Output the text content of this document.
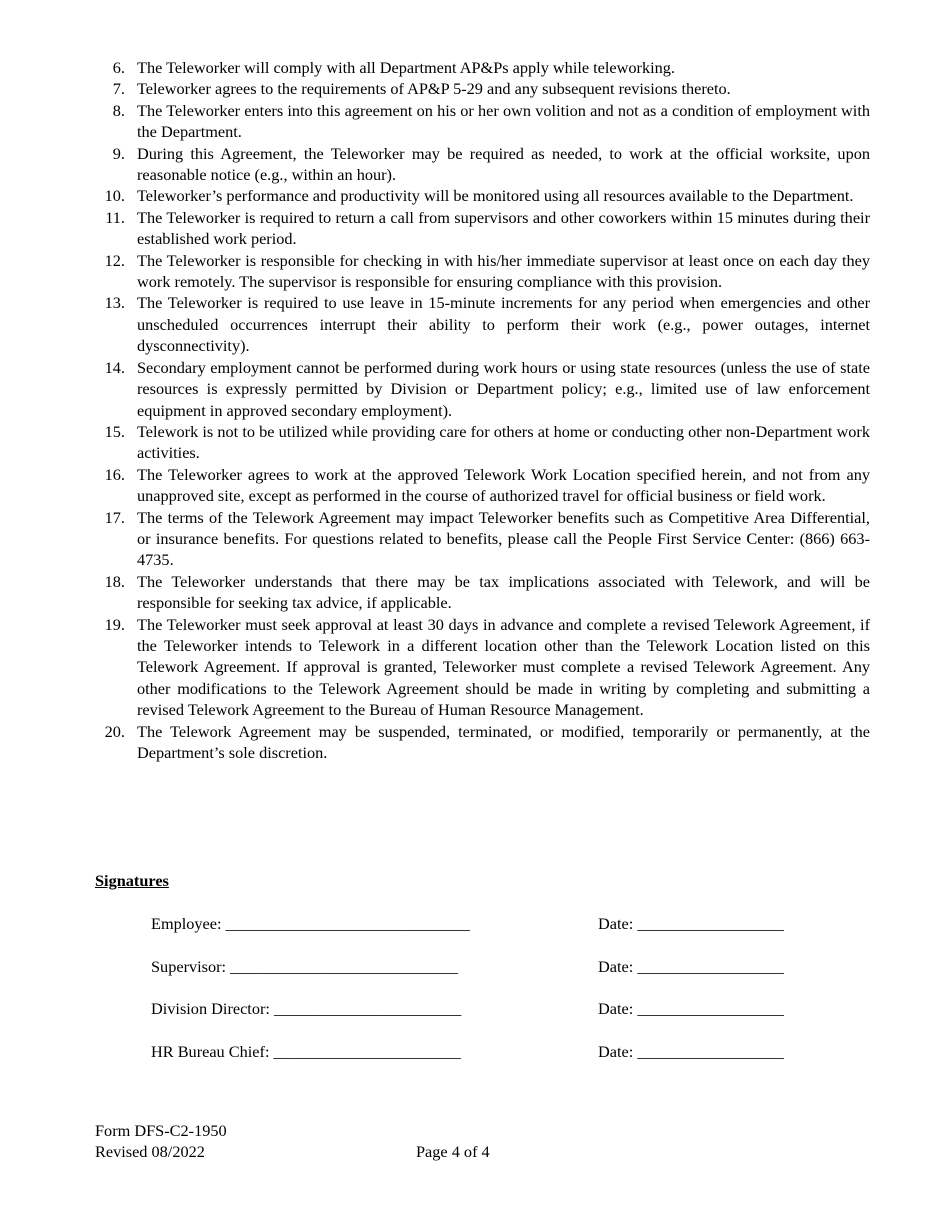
6. The Teleworker will comply with all Department AP&Ps apply while teleworking.
7. Teleworker agrees to the requirements of AP&P 5-29 and any subsequent revisions thereto.
8. The Teleworker enters into this agreement on his or her own volition and not as a condition of employment with the Department.
9. During this Agreement, the Teleworker may be required as needed, to work at the official worksite, upon reasonable notice (e.g., within an hour).
10. Teleworker’s performance and productivity will be monitored using all resources available to the Department.
11. The Teleworker is required to return a call from supervisors and other coworkers within 15 minutes during their established work period.
12. The Teleworker is responsible for checking in with his/her immediate supervisor at least once on each day they work remotely. The supervisor is responsible for ensuring compliance with this provision.
13. The Teleworker is required to use leave in 15-minute increments for any period when emergencies and other unscheduled occurrences interrupt their ability to perform their work (e.g., power outages, internet dysconnectivity).
14. Secondary employment cannot be performed during work hours or using state resources (unless the use of state resources is expressly permitted by Division or Department policy; e.g., limited use of law enforcement equipment in approved secondary employment).
15. Telework is not to be utilized while providing care for others at home or conducting other non-Department work activities.
16. The Teleworker agrees to work at the approved Telework Work Location specified herein, and not from any unapproved site, except as performed in the course of authorized travel for official business or field work.
17. The terms of the Telework Agreement may impact Teleworker benefits such as Competitive Area Differential, or insurance benefits. For questions related to benefits, please call the People First Service Center: (866) 663-4735.
18. The Teleworker understands that there may be tax implications associated with Telework, and will be responsible for seeking tax advice, if applicable.
19. The Teleworker must seek approval at least 30 days in advance and complete a revised Telework Agreement, if the Teleworker intends to Telework in a different location other than the Telework Location listed on this Telework Agreement. If approval is granted, Teleworker must complete a revised Telework Agreement. Any other modifications to the Telework Agreement should be made in writing by completing and submitting a revised Telework Agreement to the Bureau of Human Resource Management.
20. The Telework Agreement may be suspended, terminated, or modified, temporarily or permanently, at the Department’s sole discretion.
Signatures
Employee: ______________________________	Date: __________________
Supervisor: ____________________________	Date: __________________
Division Director: _______________________	Date: __________________
HR Bureau Chief: _______________________	Date: __________________
Form DFS-C2-1950
Revised 08/2022	Page 4 of 4
